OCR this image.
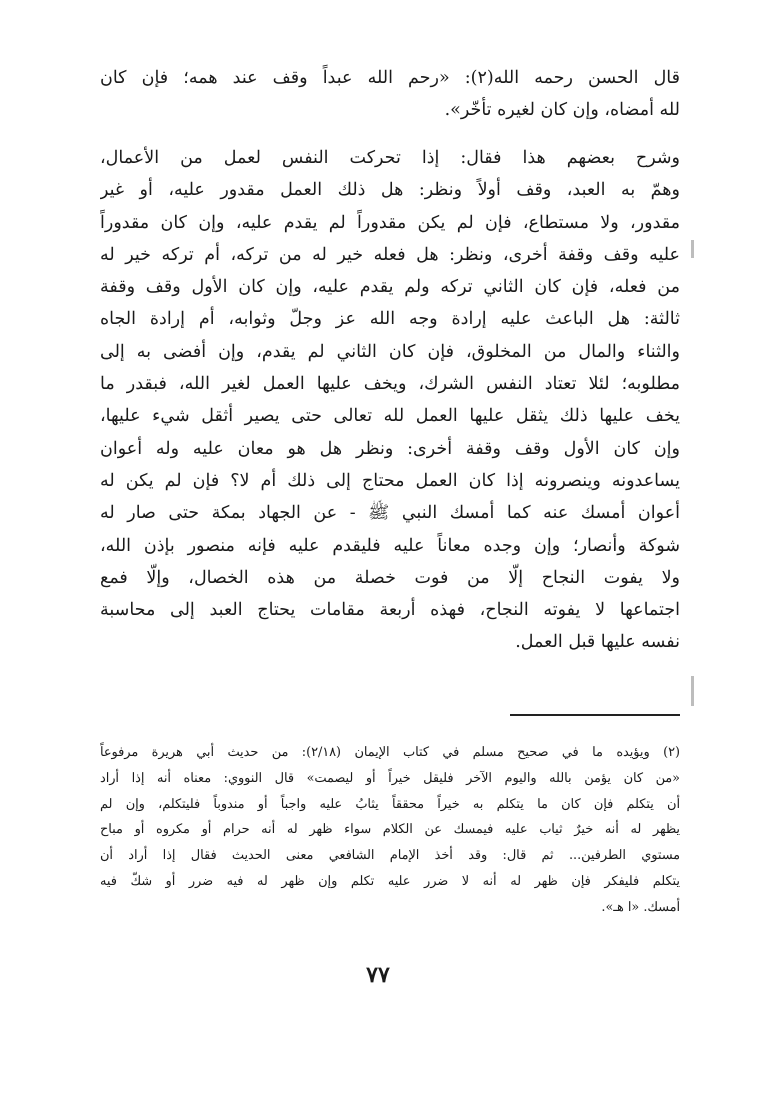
قال الحسن رحمه الله(٢): «رحم الله عبداً وقف عند همه؛ فإن كان
لله أمضاه، وإن كان لغيره تأخّر».
وشرح بعضهم هذا فقال: إذا تحركت النفس لعمل من الأعمال،
وهمّ به العبد، وقف أولاً ونظر: هل ذلك العمل مقدور عليه، أو غير
مقدور، ولا مستطاع، فإن لم يكن مقدوراً لم يقدم عليه، وإن كان مقدوراً
عليه وقف وقفة أخرى، ونظر: هل فعله خير له من تركه، أم تركه خير له
من فعله، فإن كان الثاني تركه ولم يقدم عليه، وإن كان الأول وقف وقفة
ثالثة: هل الباعث عليه إرادة وجه الله عز وجلّ وثوابه، أم إرادة الجاه
والثناء والمال من المخلوق، فإن كان الثاني لم يقدم، وإن أفضى به إلى
مطلوبه؛ لئلا تعتاد النفس الشرك، ويخف عليها العمل لغير الله، فبقدر ما
يخف عليها ذلك يثقل عليها العمل لله تعالى حتى يصير أثقل شيء عليها،
وإن كان الأول وقف وقفة أخرى: ونظر هل هو معان عليه وله أعوان
يساعدونه وينصرونه إذا كان العمل محتاج إلى ذلك أم لا؟ فإن لم يكن له
أعوان أمسك عنه كما أمسك النبي ﷺ - عن الجهاد بمكة حتى صار له
شوكة وأنصار؛ وإن وجده معاناً عليه فليقدم عليه فإنه منصور بإذن الله،
ولا يفوت النجاح إلّا من فوت خصلة من هذه الخصال، وإلّا فمع
اجتماعها لا يفوته النجاح، فهذه أربعة مقامات يحتاج العبد إلى محاسبة
نفسه عليها قبل العمل.
(٢) ويؤيده ما في صحيح مسلم في كتاب الإيمان (٢/١٨): من حديث أبي هريرة مرفوعاً
«من كان يؤمن بالله واليوم الآخر فليقل خيراً أو ليصمت» قال النووي: معناه أنه إذا أراد
أن يتكلم فإن كان ما يتكلم به خيراً محققاً يثابُ عليه واجباً أو مندوباً فليتكلم، وإن لم
يظهر له أنه خيرٌ ثياب عليه فيمسك عن الكلام سواء ظهر له أنه حرام أو مكروه أو مباح
مستوي الطرفين... ثم قال: وقد أخذ الإمام الشافعي معنى الحديث فقال إذا أراد أن
يتكلم فليفكر فإن ظهر له أنه لا ضرر عليه تكلم وإن ظهر له فيه ضرر أو شكّ فيه
أمسك. «ا هـ».
٧٧
